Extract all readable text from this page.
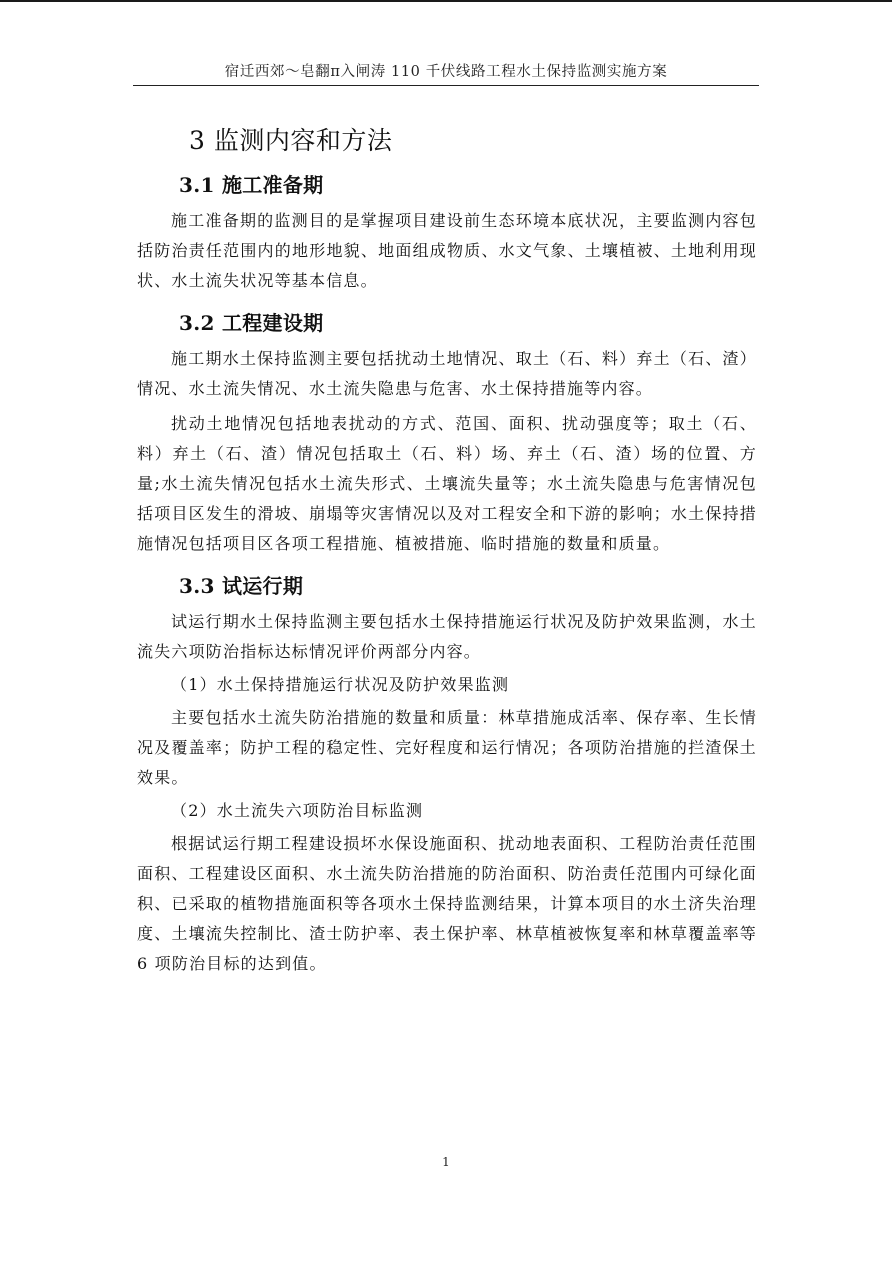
宿迁西郊～皂翻π入闸涛 110 千伏线路工程水土保持监测实施方案
3 监测内容和方法
3.1 施工准备期

施工准备期的监测目的是掌握项目建设前生态环境本底状况，主要监测内容包括防治责任范围内的地形地貌、地面组成物质、水文气象、土壤植被、土地利用现状、水土流失状况等基本信息。

3.2 工程建设期

施工期水土保持监测主要包括扰动土地情况、取土（石、料）弃土（石、渣）情况、水土流失情况、水土流失隐患与危害、水土保持措施等内容。

扰动土地情况包括地表扰动的方式、范国、面积、扰动强度等；取土（石、料）弃土（石、渣）情况包括取土（石、料）场、弃土（石、渣）场的位置、方量;水土流失情况包括水土流失形式、土壤流失量等；水土流失隐患与危害情况包括项目区发生的滑坡、崩塌等灾害情况以及对工程安全和下游的影响；水土保持措施情况包括项目区各项工程措施、植被措施、临时措施的数量和质量。

3.3 试运行期

试运行期水土保持监测主要包括水土保持措施运行状况及防护效果监测，水土流失六项防治指标达标情况评价两部分内容。

（1）水土保持措施运行状况及防护效果监测

主要包括水土流失防治措施的数量和质量：林草措施成活率、保存率、生长情况及覆盖率；防护工程的稳定性、完好程度和运行情况；各项防治措施的拦渣保土效果。

（2）水土流失六项防治目标监测

根据试运行期工程建设损坏水保设施面积、扰动地表面积、工程防治责任范围面积、工程建设区面积、水土流失防治措施的防治面积、防治责任范围内可绿化面积、已采取的植物措施面积等各项水土保持监测结果，计算本项目的水土济失治理度、土壤流失控制比、渣士防护率、表土保护率、林草植被恢复率和林草覆盖率等 6 项防治目标的达到值。

1
